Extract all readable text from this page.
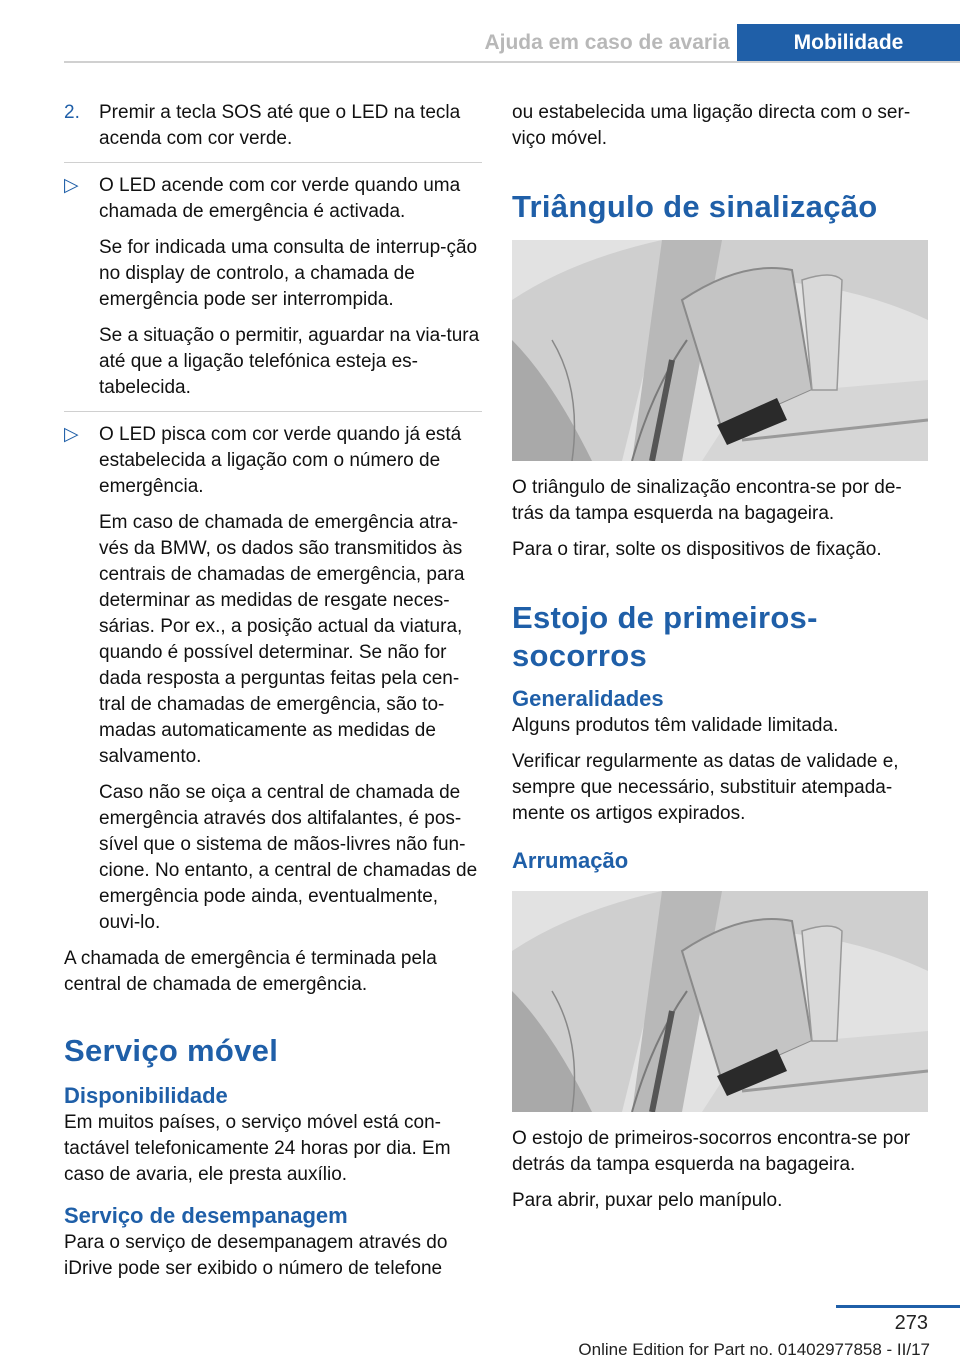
Ajuda em caso de avaria	Mobilidade
2. Premir a tecla SOS até que o LED na tecla acenda com cor verde.

▷ O LED acende com cor verde quando uma chamada de emergência é activada.

Se for indicada uma consulta de interrup‐ção no display de controlo, a chamada de emergência pode ser interrompida.

Se a situação o permitir, aguardar na via‐tura até que a ligação telefónica esteja es‐tabelecida.

▷ O LED pisca com cor verde quando já está estabelecida a ligação com o número de emergência.

Em caso de chamada de emergência atra‐vés da BMW, os dados são transmitidos às centrais de chamadas de emergência, para determinar as medidas de resgate neces‐sárias. Por ex., a posição actual da viatura, quando é possível determinar. Se não for dada resposta a perguntas feitas pela cen‐tral de chamadas de emergência, são to‐madas automaticamente as medidas de salvamento.

Caso não se oiça a central de chamada de emergência através dos altifalantes, é pos‐sível que o sistema de mãos-livres não fun‐cione. No entanto, a central de chamadas de emergência pode ainda, eventualmente, ouvi-lo.

A chamada de emergência é terminada pela central de chamada de emergência.

Serviço móvel
Disponibilidade

Em muitos países, o serviço móvel está con‐tactável telefonicamente 24 horas por dia. Em caso de avaria, ele presta auxílio.

Serviço de desempanagem

Para o serviço de desempanagem através do iDrive pode ser exibido o número de telefone

ou estabelecida uma ligação directa com o ser‐viço móvel.

Triângulo de sinalização

O triângulo de sinalização encontra-se por de‐trás da tampa esquerda na bagageira.

Para o tirar, solte os dispositivos de fixação.

Estojo de primeiros-socorros
Generalidades

Alguns produtos têm validade limitada.

Verificar regularmente as datas de validade e, sempre que necessário, substituir atempada‐mente os artigos expirados.

Arrumação

O estojo de primeiros-socorros encontra-se por detrás da tampa esquerda na bagageira.

Para abrir, puxar pelo manípulo.

273
Online Edition for Part no. 01402977858 - II/17
